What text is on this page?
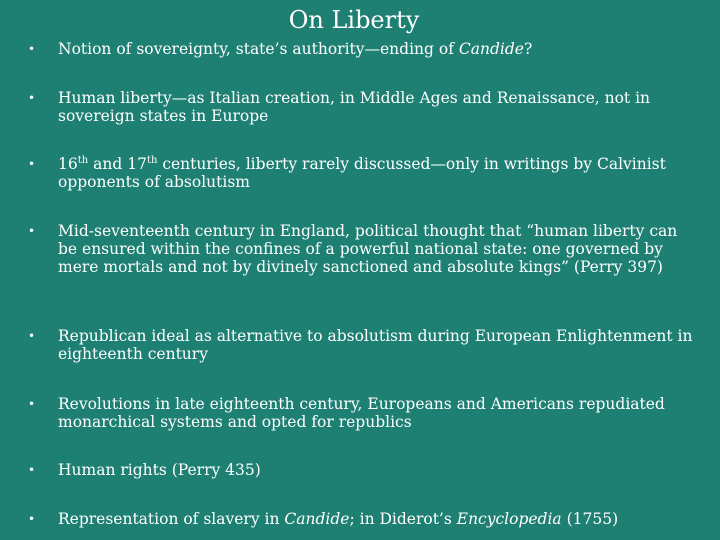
On Liberty
•	Notion of sovereignty, state’s authority—ending of Candide?
•	Human liberty—as Italian creation, in Middle Ages and Renaissance, not in sovereign states in Europe
•	16th and 17th centuries, liberty rarely discussed—only in writings by Calvinist opponents of absolutism
•	Mid-seventeenth century in England, political thought that “human liberty can be ensured within the confines of a powerful national state: one governed by mere mortals and not by divinely sanctioned and absolute kings” (Perry 397)
•	Republican ideal as alternative to absolutism during European Enlightenment in eighteenth century
•	Revolutions in late eighteenth century, Europeans and Americans repudiated monarchical systems and opted for republics
•	Human rights (Perry 435)
•	Representation of slavery in Candide; in Diderot’s Encyclopedia (1755)
